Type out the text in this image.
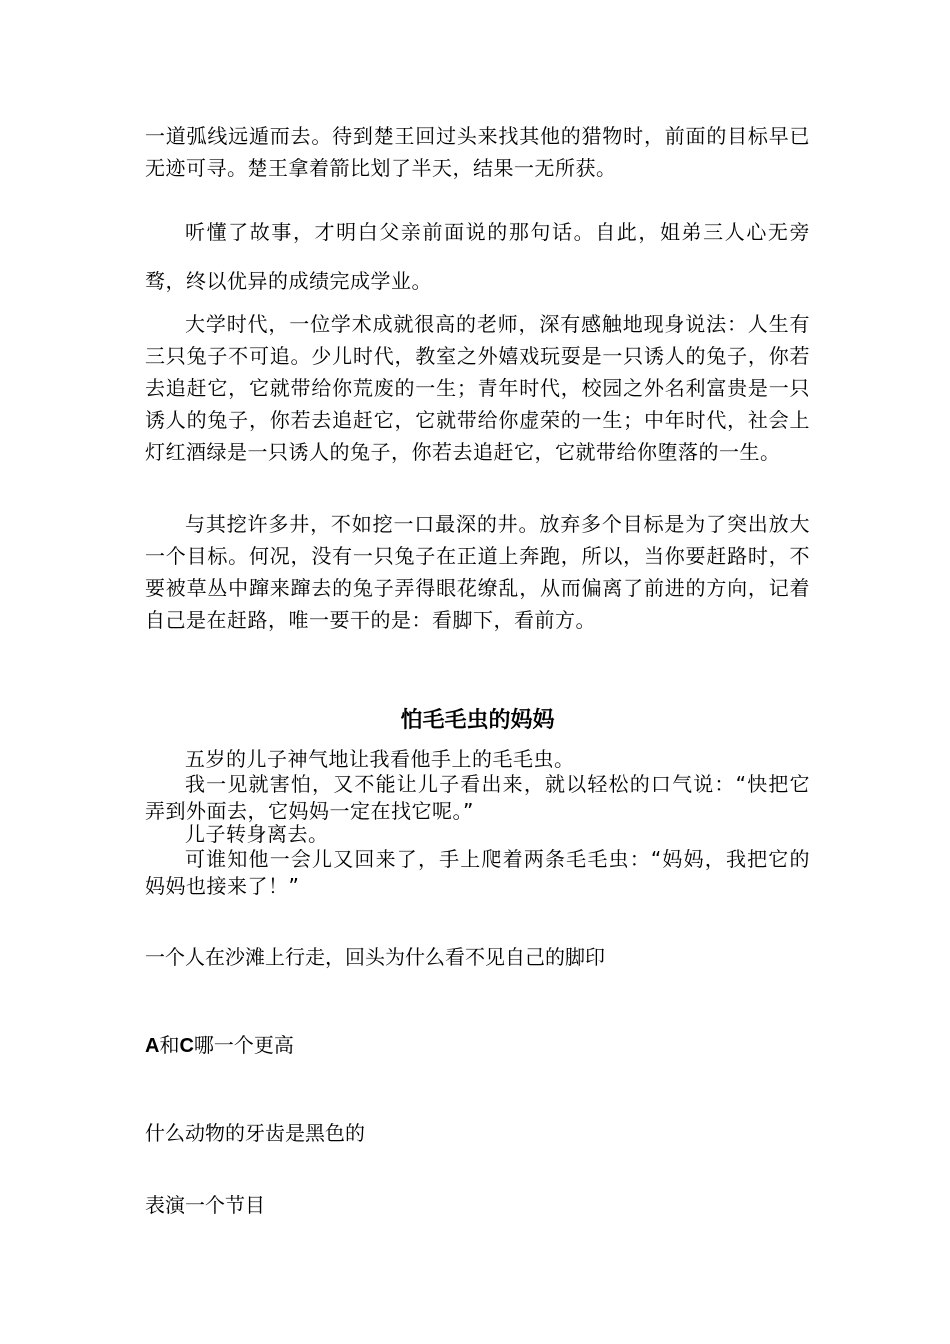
一道弧线远遁而去。待到楚王回过头来找其他的猎物时，前面的目标早已无迹可寻。楚王拿着箭比划了半天，结果一无所获。

听懂了故事，才明白父亲前面说的那句话。自此，姐弟三人心无旁骛，终以优异的成绩完成学业。

大学时代，一位学术成就很高的老师，深有感触地现身说法：人生有三只兔子不可追。少儿时代，教室之外嬉戏玩耍是一只诱人的兔子，你若去追赶它，它就带给你荒废的一生；青年时代，校园之外名利富贵是一只诱人的兔子，你若去追赶它，它就带给你虚荣的一生；中年时代，社会上灯红酒绿是一只诱人的兔子，你若去追赶它，它就带给你堕落的一生。

与其挖许多井，不如挖一口最深的井。放弃多个目标是为了突出放大一个目标。何况，没有一只兔子在正道上奔跑，所以，当你要赶路时，不要被草丛中蹿来蹿去的兔子弄得眼花缭乱，从而偏离了前进的方向，记着自己是在赶路，唯一要干的是：看脚下，看前方。

怕毛毛虫的妈妈

五岁的儿子神气地让我看他手上的毛毛虫。

我一见就害怕，又不能让儿子看出来，就以轻松的口气说：“快把它弄到外面去，它妈妈一定在找它呢。”

儿子转身离去。

可谁知他一会儿又回来了，手上爬着两条毛毛虫：“妈妈，我把它的妈妈也接来了！”

一个人在沙滩上行走，回头为什么看不见自己的脚印

A和C哪一个更高

什么动物的牙齿是黑色的

表演一个节目
